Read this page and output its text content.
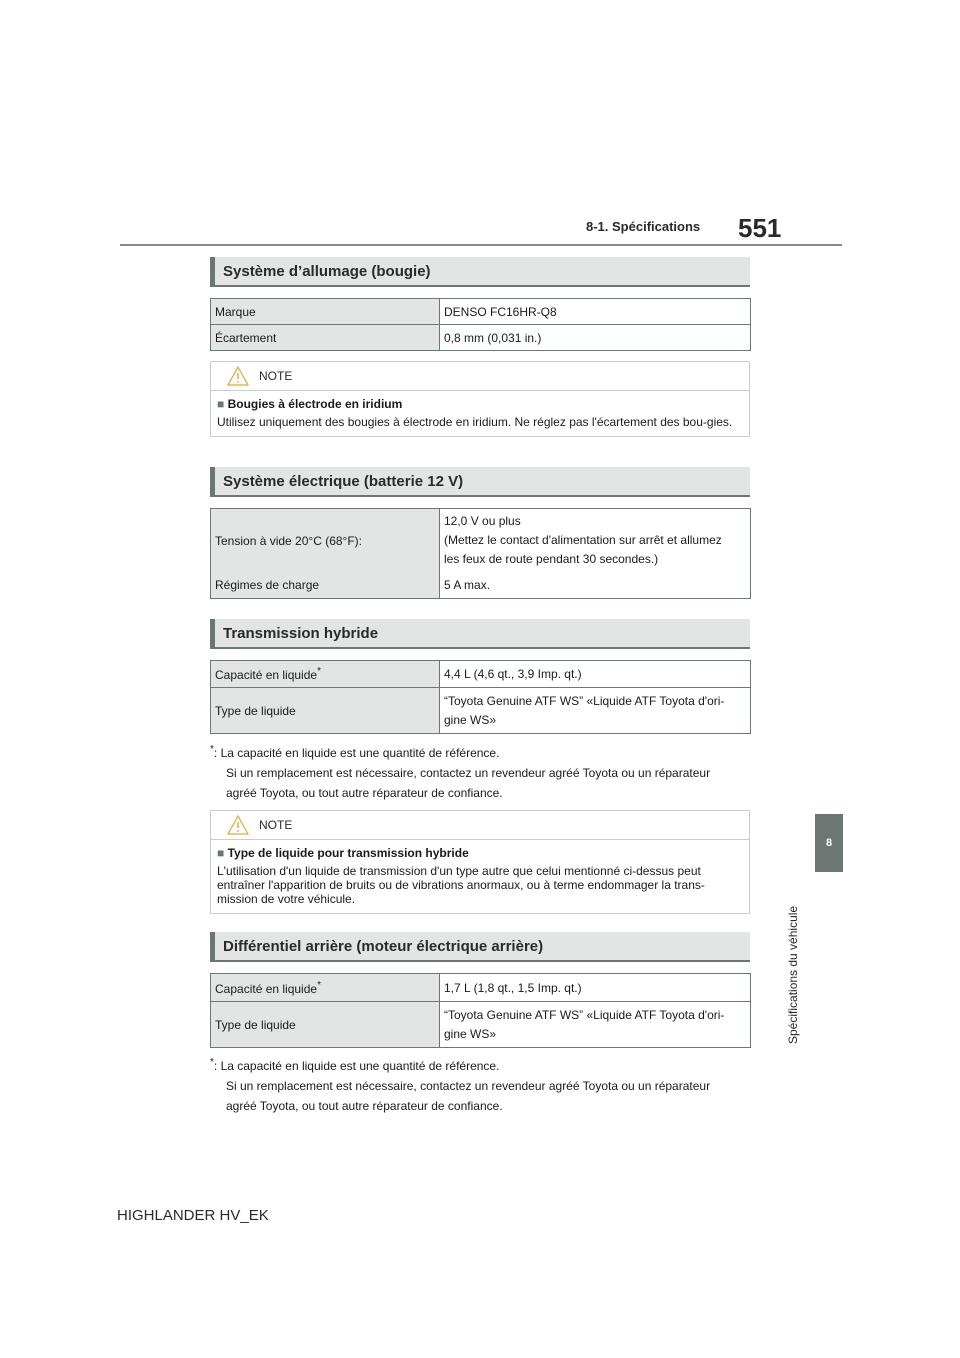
8-1. Spécifications 551
8
Spécifications du véhicule
Système d’allumage (bougie)
Marque	DENSO FC16HR-Q8
Écartement	0,8 mm (0,031 in.)
NOTE
■ Bougies à électrode en iridium
Utilisez uniquement des bougies à électrode en iridium. Ne réglez pas l'écartement des bou-gies.
Système électrique (batterie 12 V)
Tension à vide 20°C (68°F):	12,0 V ou plus
(Mettez le contact d'alimentation sur arrêt et allumez
les feux de route pendant 30 secondes.)

Régimes de charge	5 A max.
Transmission hybride
Capacité en liquide*	4,4 L (4,6 qt., 3,9 Imp. qt.)
Type de liquide	“Toyota Genuine ATF WS” «Liquide ATF Toyota d'ori-
gine WS»
*: La capacité en liquide est une quantité de référence.
Si un remplacement est nécessaire, contactez un revendeur agréé Toyota ou un réparateur
agréé Toyota, ou tout autre réparateur de confiance.
NOTE
■ Type de liquide pour transmission hybride
L'utilisation d'un liquide de transmission d'un type autre que celui mentionné ci-dessus peut entraîner l'apparition de bruits ou de vibrations anormaux, ou à terme endommager la trans-mission de votre véhicule.
Différentiel arrière (moteur électrique arrière)
Capacité en liquide*	1,7 L (1,8 qt., 1,5 Imp. qt.)
Type de liquide	“Toyota Genuine ATF WS” «Liquide ATF Toyota d'ori-
gine WS»
*: La capacité en liquide est une quantité de référence.
Si un remplacement est nécessaire, contactez un revendeur agréé Toyota ou un réparateur
agréé Toyota, ou tout autre réparateur de confiance.
HIGHLANDER HV_EK
